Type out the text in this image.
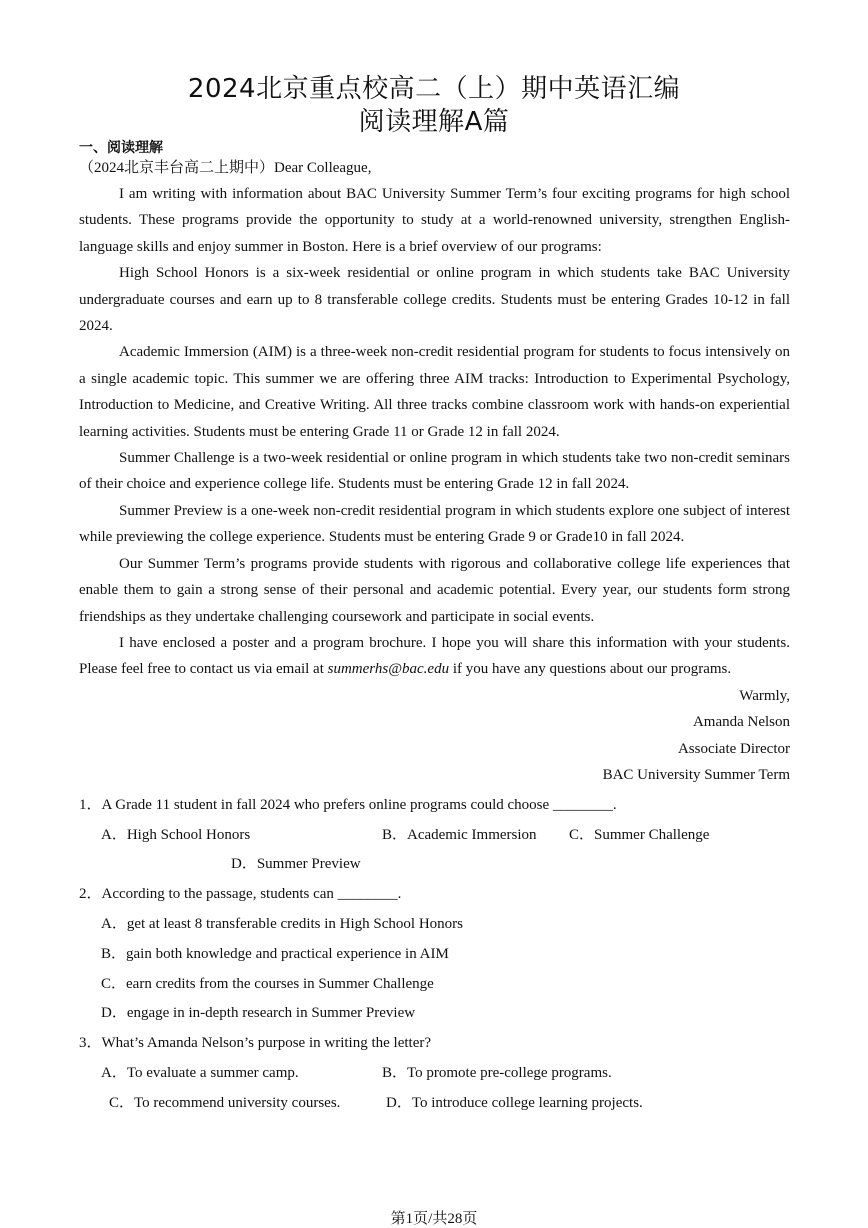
2024北京重点校高二（上）期中英语汇编
阅读理解A篇
一、阅读理解
（2024北京丰台高二上期中）Dear Colleague,

I am writing with information about BAC University Summer Term’s four exciting programs for high school students. These programs provide the opportunity to study at a world-renowned university, strengthen English-language skills and enjoy summer in Boston. Here is a brief overview of our programs:

High School Honors is a six-week residential or online program in which students take BAC University undergraduate courses and earn up to 8 transferable college credits. Students must be entering Grades 10-12 in fall 2024.

Academic Immersion (AIM) is a three-week non-credit residential program for students to focus intensively on a single academic topic. This summer we are offering three AIM tracks: Introduction to Experimental Psychology, Introduction to Medicine, and Creative Writing. All three tracks combine classroom work with hands-on experiential learning activities. Students must be entering Grade 11 or Grade 12 in fall 2024.

Summer Challenge is a two-week residential or online program in which students take two non-credit seminars of their choice and experience college life. Students must be entering Grade 12 in fall 2024.

Summer Preview is a one-week non-credit residential program in which students explore one subject of interest while previewing the college experience. Students must be entering Grade 9 or Grade10 in fall 2024.

Our Summer Term’s programs provide students with rigorous and collaborative college life experiences that enable them to gain a strong sense of their personal and academic potential. Every year, our students form strong friendships as they undertake challenging coursework and participate in social events.

I have enclosed a poster and a program brochure. I hope you will share this information with your students. Please feel free to contact us via email at summerhs@bac.edu if you have any questions about our programs.

Warmly,
Amanda Nelson
Associate Director
BAC University Summer Term
1．A Grade 11 student in fall 2024 who prefers online programs could choose ________.
A．High School Honors	B．Academic Immersion C．Summer Challenge
D．Summer Preview
2．According to the passage, students can ________.
A．get at least 8 transferable credits in High School Honors
B．gain both knowledge and practical experience in AIM
C．earn credits from the courses in Summer Challenge
D．engage in in-depth research in Summer Preview
3．What’s Amanda Nelson’s purpose in writing the letter?
A．To evaluate a summer camp.	B．To promote pre-college programs.
C．To recommend university courses.	D．To introduce college learning projects.
第1页/共28页
